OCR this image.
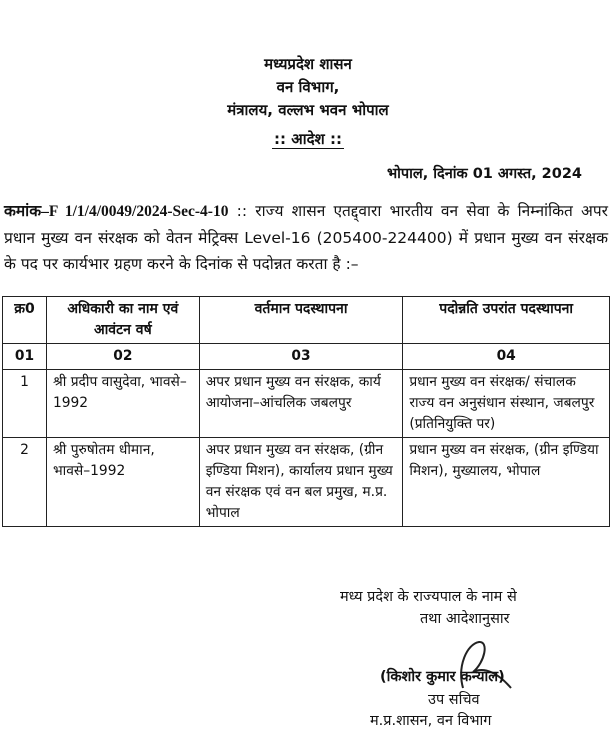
मध्यप्रदेश शासन
वन विभाग,
मंत्रालय, वल्लभ भवन भोपाल
:: आदेश ::
भोपाल, दिनांक 01 अगस्त, 2024
कमांक–F 1/1/4/0049/2024-Sec-4-10 :: राज्य शासन एतद्द्वारा भारतीय वन सेवा के निम्नांकित अपर प्रधान मुख्य वन संरक्षक को वेतन मेट्रिक्स Level-16 (205400-224400) में प्रधान मुख्य वन संरक्षक के पद पर कार्यभार ग्रहण करने के दिनांक से पदोन्नत करता है :–
क्र0	अधिकारी का नाम एवं आवंटन वर्ष	वर्तमान पदस्थापना	पदोन्नति उपरांत पदस्थापना
01	02	03	04
1	श्री प्रदीप वासुदेवा, भावसे–1992	अपर प्रधान मुख्य वन संरक्षक, कार्य आयोजना–आंचलिक जबलपुर	प्रधान मुख्य वन संरक्षक/ संचालक राज्य वन अनुसंधान संस्थान, जबलपुर (प्रतिनियुक्ति पर)
2	श्री पुरुषोतम धीमान, भावसे–1992	अपर प्रधान मुख्य वन संरक्षक, (ग्रीन इण्डिया मिशन), कार्यालय प्रधान मुख्य वन संरक्षक एवं वन बल प्रमुख, म.प्र. भोपाल	प्रधान मुख्य वन संरक्षक, (ग्रीन इण्डिया मिशन), मुख्यालय, भोपाल
मध्य प्रदेश के राज्यपाल के नाम से
तथा आदेशानुसार
(किशोर कुमार कन्याल)
उप सचिव
म.प्र.शासन, वन विभाग
